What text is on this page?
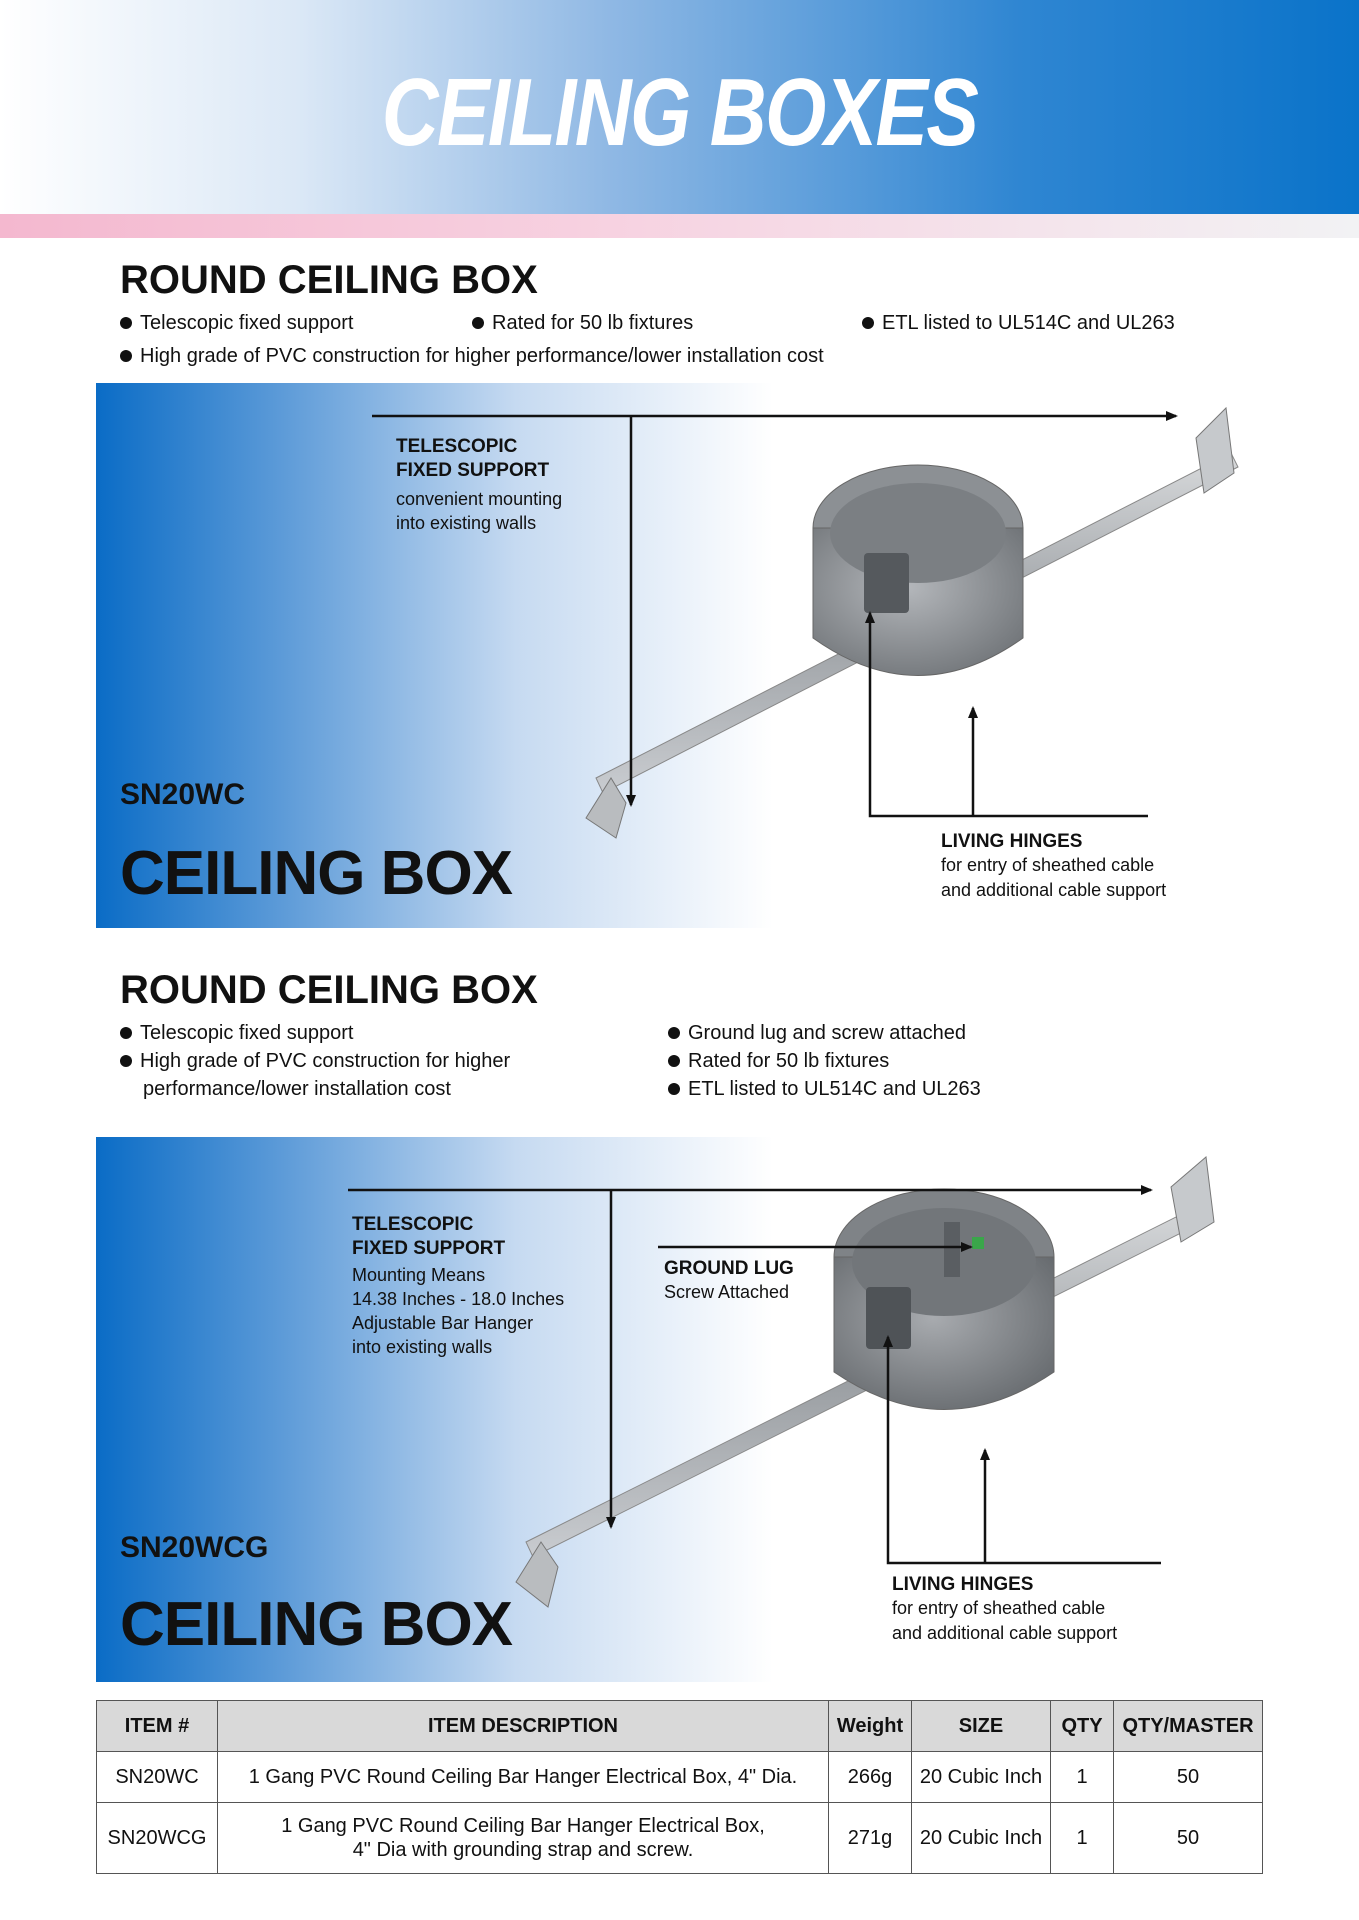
CEILING BOXES
ROUND CEILING BOX
Telescopic fixed support	Rated for 50 lb fixtures	ETL listed to UL514C and UL263
High grade of PVC construction for higher performance/lower installation cost
TELESCOPIC
FIXED SUPPORT
convenient mounting
into existing walls
LIVING HINGES
for entry of sheathed cable
and additional cable support
SN20WC
CEILING BOX
ROUND CEILING BOX
Telescopic fixed support
High grade of PVC construction for higher
performance/lower installation cost
Ground lug and screw attached
Rated for 50 lb fixtures
ETL listed to UL514C and UL263
TELESCOPIC
FIXED SUPPORT
Mounting Means
14.38 Inches - 18.0 Inches
Adjustable Bar Hanger
into existing walls
GROUND LUG
Screw Attached
LIVING HINGES
for entry of sheathed cable
and additional cable support
SN20WCG
CEILING BOX
ITEM #	ITEM DESCRIPTION	Weight	SIZE	QTY	QTY/MASTER
SN20WC	1 Gang PVC Round Ceiling Bar Hanger Electrical Box, 4" Dia.	266g	20 Cubic Inch	1	50
SN20WCG	1 Gang PVC Round Ceiling Bar Hanger Electrical Box,
4" Dia with grounding strap and screw.	271g	20 Cubic Inch	1	50
